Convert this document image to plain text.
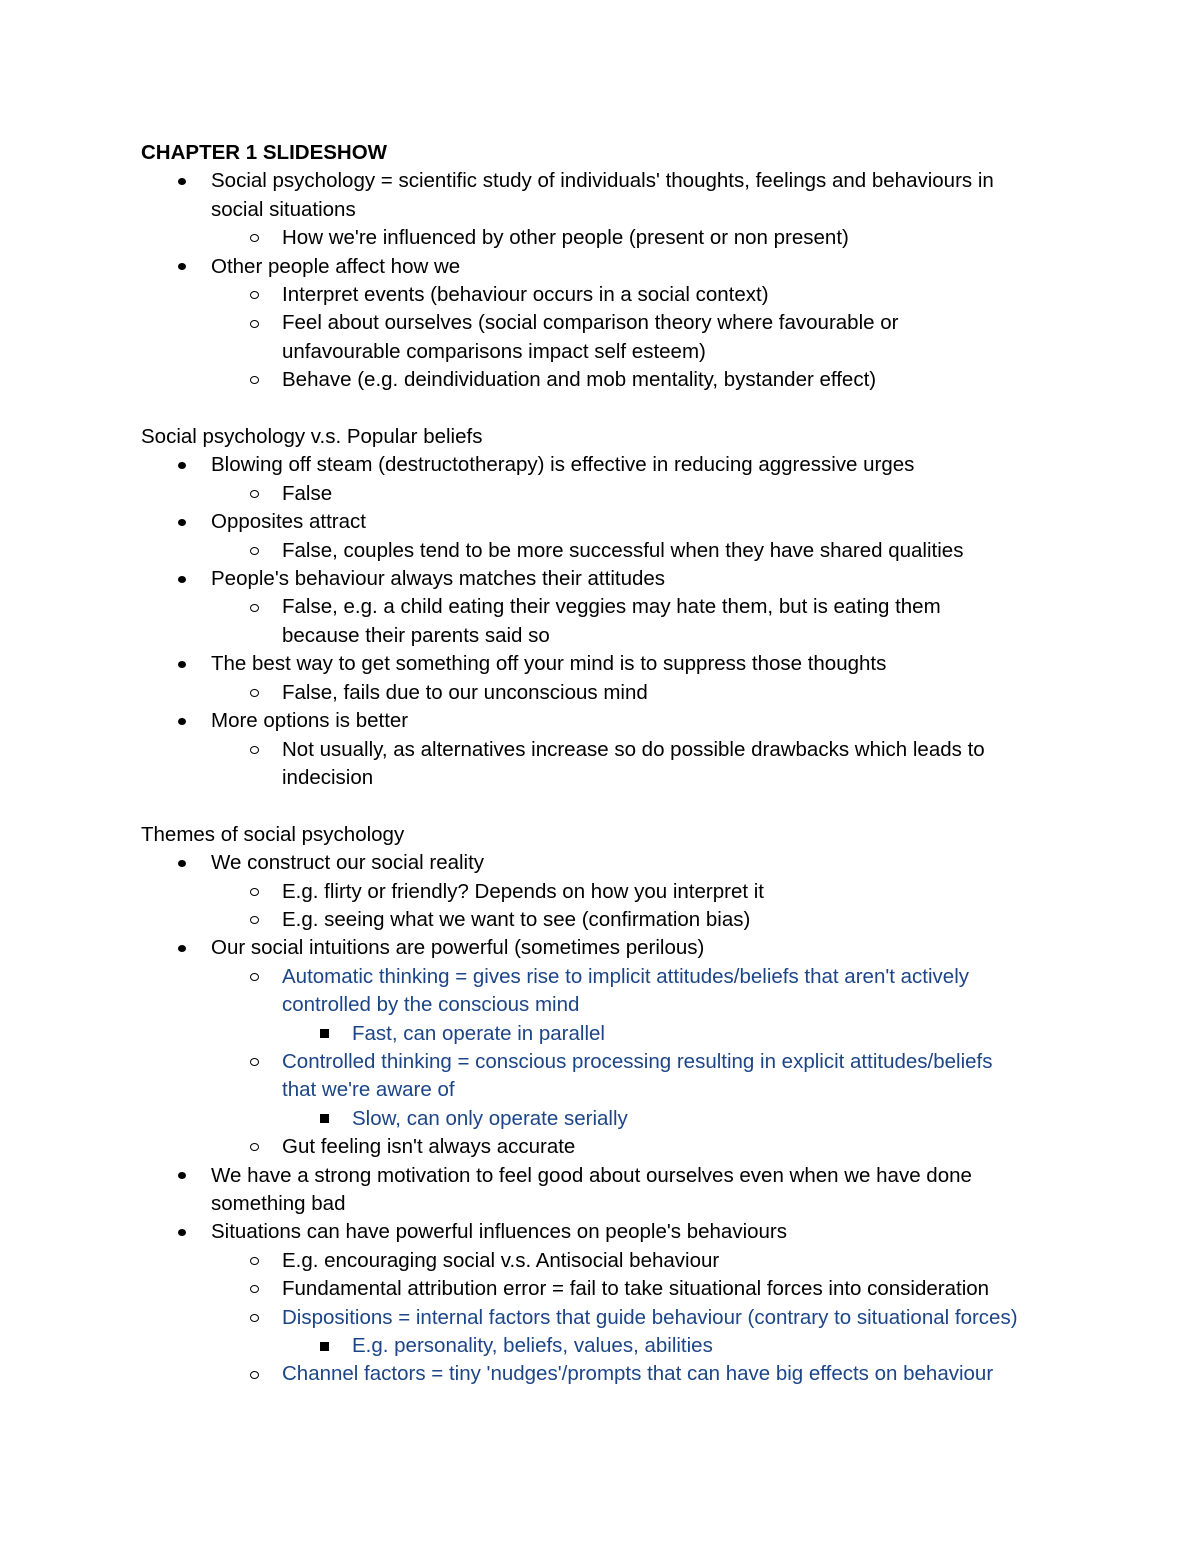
CHAPTER 1 SLIDESHOW
Social psychology = scientific study of individuals' thoughts, feelings and behaviours in
social situations
How we're influenced by other people (present or non present)
Other people affect how we
Interpret events (behaviour occurs in a social context)
Feel about ourselves (social comparison theory where favourable or
unfavourable comparisons impact self esteem)
Behave (e.g. deindividuation and mob mentality, bystander effect)
Social psychology v.s. Popular beliefs
Blowing off steam (destructotherapy) is effective in reducing aggressive urges
False
Opposites attract
False, couples tend to be more successful when they have shared qualities
People's behaviour always matches their attitudes
False, e.g. a child eating their veggies may hate them, but is eating them
because their parents said so
The best way to get something off your mind is to suppress those thoughts
False, fails due to our unconscious mind
More options is better
Not usually, as alternatives increase so do possible drawbacks which leads to
indecision
Themes of social psychology
We construct our social reality
E.g. flirty or friendly? Depends on how you interpret it
E.g. seeing what we want to see (confirmation bias)
Our social intuitions are powerful (sometimes perilous)
Automatic thinking = gives rise to implicit attitudes/beliefs that aren't actively
controlled by the conscious mind
Fast, can operate in parallel
Controlled thinking = conscious processing resulting in explicit attitudes/beliefs
that we're aware of
Slow, can only operate serially
Gut feeling isn't always accurate
We have a strong motivation to feel good about ourselves even when we have done
something bad
Situations can have powerful influences on people's behaviours
E.g. encouraging social v.s. Antisocial behaviour
Fundamental attribution error = fail to take situational forces into consideration
Dispositions = internal factors that guide behaviour (contrary to situational forces)
E.g. personality, beliefs, values, abilities
Channel factors = tiny 'nudges'/prompts that can have big effects on behaviour
